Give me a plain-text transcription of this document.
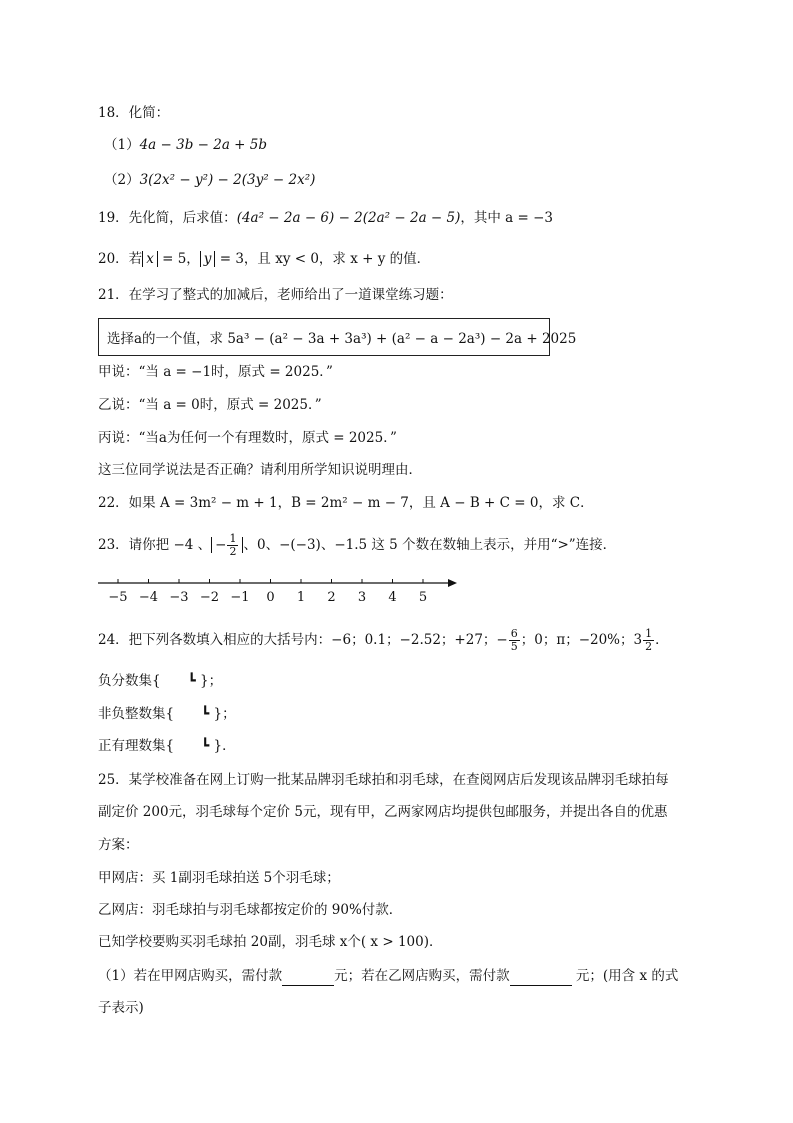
18．化简：
（1）4a − 3b − 2a + 5b
（2）3(2x² − y²) − 2(3y² − 2x²)
19．先化简，后求值：(4a² − 2a − 6) − 2(2a² − 2a − 5)，其中 a = −3
20．若 x = 5， y = 3，且 xy < 0，求 x + y 的值．
21．在学习了整式的加减后，老师给出了一道课堂练习题：
选择a的一个值，求 5a³ − (a² − 3a + 3a³) + (a² − a − 2a³) − 2a + 2025
甲说：“当 a = −1时，原式 = 2025．”
乙说：“当 a = 0时，原式 = 2025．”
丙说：“当a为任何一个有理数时，原式 = 2025．”
这三位同学说法是否正确？请利用所学知识说明理由．
22．如果 A = 3m² − m + 1，B = 2m² − m − 7，且 A − B + C = 0，求 C．
23．请你把 −4 、 − $\frac{1}{2}$ 、0、−(−3)、−1.5 这 5 个数在数轴上表示，并用“>”连接．
−5 −4 −3 −2 −1 0 1 2 3 4 5
24．把下列各数填入相应的大括号内：−6；0.1；−2.52；+27；− $\frac{6}{5}$ ；0；π；−20%；$3 \frac{1}{2}$ ．
负分数集{　　┗ }；
非负整数集{　　┗ }；
正有理数集{　　┗ }．
25．某学校准备在网上订购一批某品牌羽毛球拍和羽毛球，在查阅网店后发现该品牌羽毛球拍每
副定价 200元，羽毛球每个定价 5元，现有甲，乙两家网店均提供包邮服务，并提出各自的优惠
方案：
甲网店：买 1副羽毛球拍送 5个羽毛球；
乙网店：羽毛球拍与羽毛球都按定价的 90%付款．
已知学校要购买羽毛球拍 20副，羽毛球 x个( x > 100)．
（1）若在甲网店购买，需付款	元；若在乙网店购买，需付款	元；(用含 x 的式
子表示)
